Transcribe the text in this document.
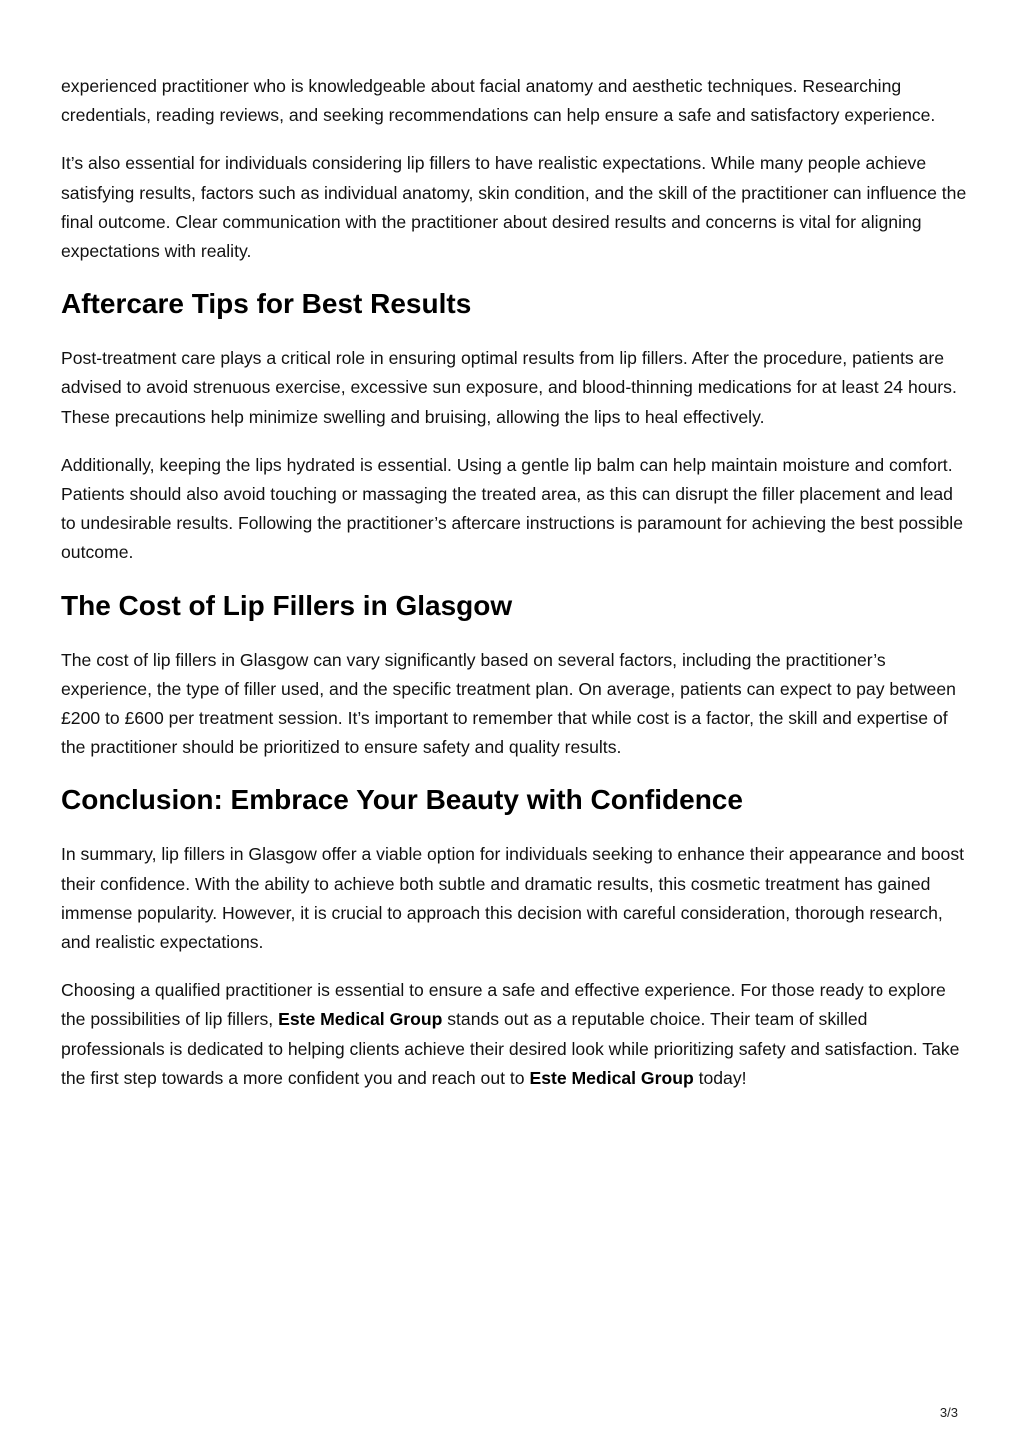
experienced practitioner who is knowledgeable about facial anatomy and aesthetic techniques. Researching credentials, reading reviews, and seeking recommendations can help ensure a safe and satisfactory experience.

It’s also essential for individuals considering lip fillers to have realistic expectations. While many people achieve satisfying results, factors such as individual anatomy, skin condition, and the skill of the practitioner can influence the final outcome. Clear communication with the practitioner about desired results and concerns is vital for aligning expectations with reality.

Aftercare Tips for Best Results

Post-treatment care plays a critical role in ensuring optimal results from lip fillers. After the procedure, patients are advised to avoid strenuous exercise, excessive sun exposure, and blood-thinning medications for at least 24 hours. These precautions help minimize swelling and bruising, allowing the lips to heal effectively.

Additionally, keeping the lips hydrated is essential. Using a gentle lip balm can help maintain moisture and comfort. Patients should also avoid touching or massaging the treated area, as this can disrupt the filler placement and lead to undesirable results. Following the practitioner’s aftercare instructions is paramount for achieving the best possible outcome.

The Cost of Lip Fillers in Glasgow

The cost of lip fillers in Glasgow can vary significantly based on several factors, including the practitioner’s experience, the type of filler used, and the specific treatment plan. On average, patients can expect to pay between £200 to £600 per treatment session. It’s important to remember that while cost is a factor, the skill and expertise of the practitioner should be prioritized to ensure safety and quality results.

Conclusion: Embrace Your Beauty with Confidence

In summary, lip fillers in Glasgow offer a viable option for individuals seeking to enhance their appearance and boost their confidence. With the ability to achieve both subtle and dramatic results, this cosmetic treatment has gained immense popularity. However, it is crucial to approach this decision with careful consideration, thorough research, and realistic expectations.

Choosing a qualified practitioner is essential to ensure a safe and effective experience. For those ready to explore the possibilities of lip fillers, Este Medical Group stands out as a reputable choice. Their team of skilled professionals is dedicated to helping clients achieve their desired look while prioritizing safety and satisfaction. Take the first step towards a more confident you and reach out to Este Medical Group today!

3/3
